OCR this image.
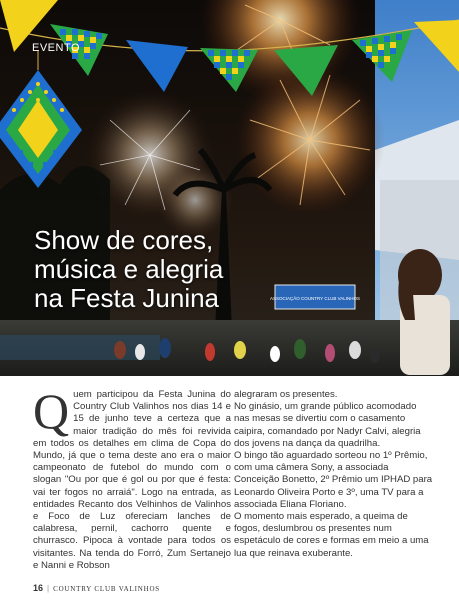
ASSOCIAÇÃO COUNTRY CLUB VALINHOS
EVENTO
Show de cores,
música e alegria
na Festa Junina
Q uem participou da Festa Junina do Country Club Valinhos nos dias 14 e 15 de junho teve a certeza que a maior tradição do mês foi revivida em todos os detalhes em clima de Copa do Mundo, já que o tema deste ano era o maior campeonato de futebol do mundo com o slogan "Ou por que é gol ou por que é festa: vai ter fogos no arraiá". Logo na entrada, as entidades Recanto dos Velhinhos de Valinhos e Foco de Luz ofereciam lanches de calabresa, pernil, cachorro quente e churrasco. Pipoca à vontade para todos os visitantes. Na tenda do Forró, Zum Sertanejo e Nanni e Robson
alegraram os presentes.
No ginásio, um grande público acomodado nas mesas se divertiu com o casamento caipira, comandado por Nadyr Calvi, alegria dos jovens na dança da quadrilha.
O bingo tão aguardado sorteou no 1º Prêmio, com uma câmera Sony, a associada Conceição Bonetto, 2º Prêmio um IPHAD para Leonardo Oliveira Porto e 3º, uma TV para a associada Eliana Floriano.
O momento mais esperado, a queima de fogos, deslumbrou os presentes num espetáculo de cores e formas em meio a uma lua que reinava exuberante.
16 | COUNTRY CLUB VALINHOS
